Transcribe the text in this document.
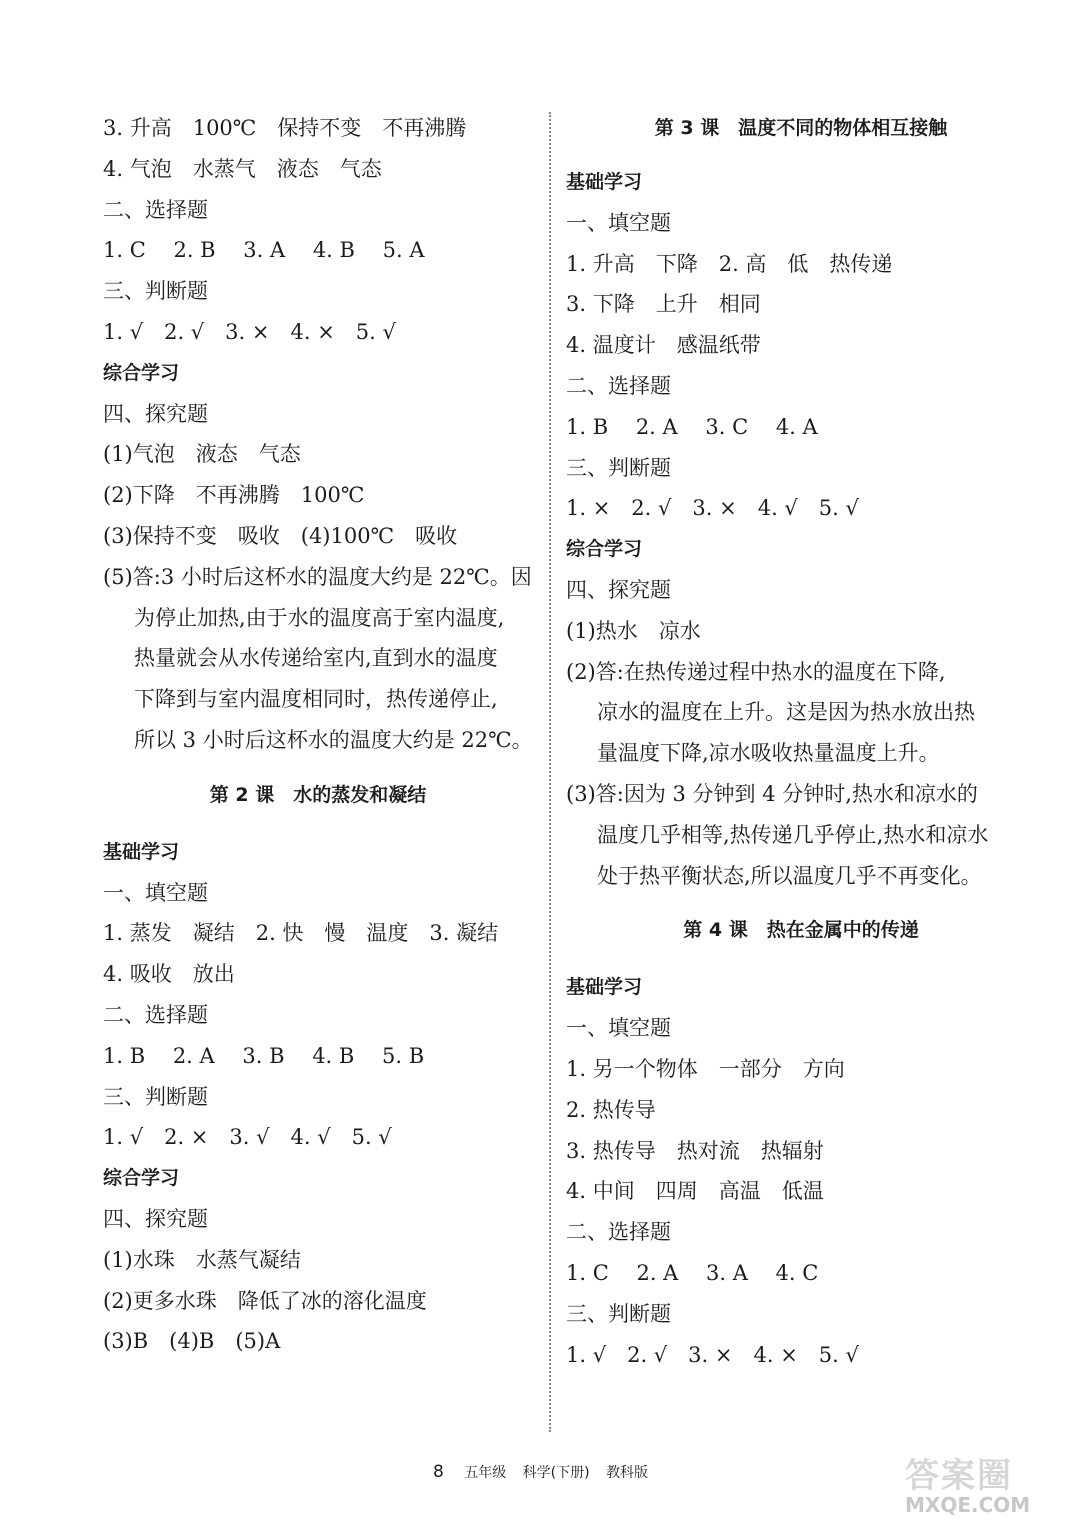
3. 升高　100℃　保持不变　不再沸腾
4. 气泡　水蒸气　液态　气态
二、选择题
1. C　 2. B　 3. A　 4. B　 5. A
三、判断题
1. √　2. √　3. ×　4. ×　5. √
综合学习
四、探究题
(1)气泡　液态　气态
(2)下降　不再沸腾　100℃
(3)保持不变　吸收　(4)100℃　吸收
(5)答:3 小时后这杯水的温度大约是 22℃。因
为停止加热,由于水的温度高于室内温度,
热量就会从水传递给室内,直到水的温度
下降到与室内温度相同时，热传递停止,
所以 3 小时后这杯水的温度大约是 22℃。
第 2 课　水的蒸发和凝结
基础学习
一、填空题
1. 蒸发　凝结　2. 快　慢　温度　3. 凝结
4. 吸收　放出
二、选择题
1. B　 2. A　 3. B　 4. B　 5. B
三、判断题
1. √　2. ×　3. √　4. √　5. √
综合学习
四、探究题
(1)水珠　水蒸气凝结
(2)更多水珠　降低了冰的溶化温度
(3)B　(4)B　(5)A
第 3 课　温度不同的物体相互接触
基础学习
一、填空题
1. 升高　下降　2. 高　低　热传递
3. 下降　上升　相同
4. 温度计　感温纸带
二、选择题
1. B　 2. A　 3. C　 4. A
三、判断题
1. ×　2. √　3. ×　4. √　5. √
综合学习
四、探究题
(1)热水　凉水
(2)答:在热传递过程中热水的温度在下降,
凉水的温度在上升。这是因为热水放出热
量温度下降,凉水吸收热量温度上升。
(3)答:因为 3 分钟到 4 分钟时,热水和凉水的
温度几乎相等,热传递几乎停止,热水和凉水
处于热平衡状态,所以温度几乎不再变化。
第 4 课　热在金属中的传递
基础学习
一、填空题
1. 另一个物体　一部分　方向
2. 热传导
3. 热传导　热对流　热辐射
4. 中间　四周　高温　低温
二、选择题
1. C　 2. A　 3. A　 4. C
三、判断题
1. √　2. √　3. ×　4. ×　5. √
8 五年级 科学(下册) 教科版	答案圈
MXQE.COM
